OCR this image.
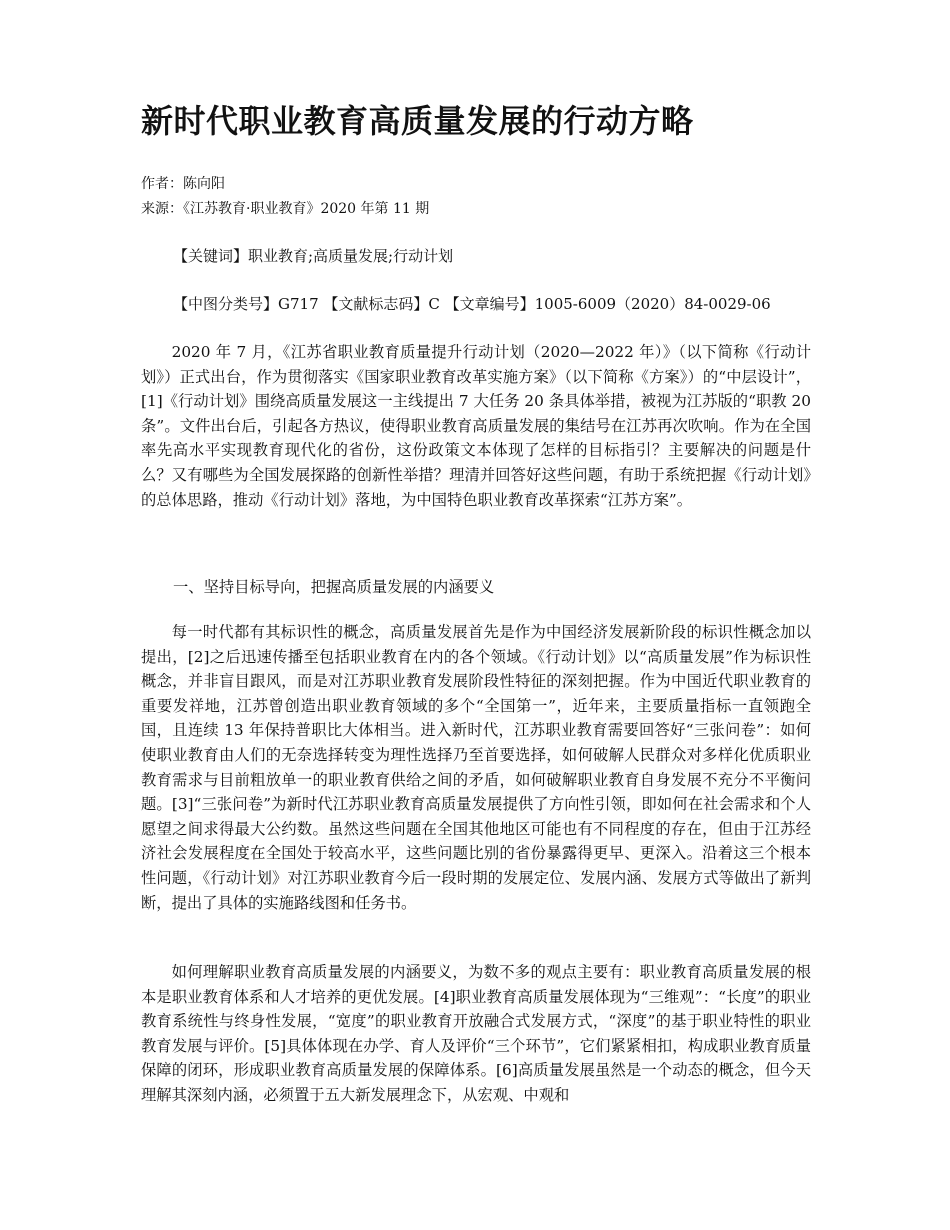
新时代职业教育高质量发展的行动方略
作者：陈向阳
来源：《江苏教育·职业教育》2020 年第 11 期
【关键词】职业教育;高质量发展;行动计划
【中图分类号】G717 【文献标志码】C 【文章编号】1005-6009（2020）84-0029-06

2020 年 7 月，《江苏省职业教育质量提升行动计划（2020—2022 年）》（以下简称《行动计划》）正式出台，作为贯彻落实《国家职业教育改革实施方案》（以下简称《方案》）的“中层设计”，[1]《行动计划》围绕高质量发展这一主线提出 7 大任务 20 条具体举措，被视为江苏版的“职教 20 条”。文件出台后，引起各方热议，使得职业教育高质量发展的集结号在江苏再次吹响。作为在全国率先高水平实现教育现代化的省份，这份政策文本体现了怎样的目标指引？主要解决的问题是什么？又有哪些为全国发展探路的创新性举措？理清并回答好这些问题，有助于系统把握《行动计划》的总体思路，推动《行动计划》落地，为中国特色职业教育改革探索“江苏方案”。

一、坚持目标导向，把握高质量发展的内涵要义

每一时代都有其标识性的概念，高质量发展首先是作为中国经济发展新阶段的标识性概念加以提出，[2]之后迅速传播至包括职业教育在内的各个领域。《行动计划》以“高质量发展”作为标识性概念，并非盲目跟风，而是对江苏职业教育发展阶段性特征的深刻把握。作为中国近代职业教育的重要发祥地，江苏曾创造出职业教育领域的多个“全国第一”，近年来，主要质量指标一直领跑全国，且连续 13 年保持普职比大体相当。进入新时代，江苏职业教育需要回答好“三张问卷”：如何使职业教育由人们的无奈选择转变为理性选择乃至首要选择，如何破解人民群众对多样化优质职业教育需求与目前粗放单一的职业教育供给之间的矛盾，如何破解职业教育自身发展不充分不平衡问题。[3]“三张问卷”为新时代江苏职业教育高质量发展提供了方向性引领，即如何在社会需求和个人愿望之间求得最大公约数。虽然这些问题在全国其他地区可能也有不同程度的存在，但由于江苏经济社会发展程度在全国处于较高水平，这些问题比别的省份暴露得更早、更深入。沿着这三个根本性问题，《行动计划》对江苏职业教育今后一段时期的发展定位、发展内涵、发展方式等做出了新判断，提出了具体的实施路线图和任务书。

如何理解职业教育高质量发展的内涵要义，为数不多的观点主要有：职业教育高质量发展的根本是职业教育体系和人才培养的更优发展。[4]职业教育高质量发展体现为“三维观”：“长度”的职业教育系统性与终身性发展，“宽度”的职业教育开放融合式发展方式，“深度”的基于职业特性的职业教育发展与评价。[5]具体体现在办学、育人及评价“三个环节”，它们紧紧相扣，构成职业教育质量保障的闭环，形成职业教育高质量发展的保障体系。[6]高质量发展虽然是一个动态的概念，但今天理解其深刻内涵，必须置于五大新发展理念下，从宏观、中观和
